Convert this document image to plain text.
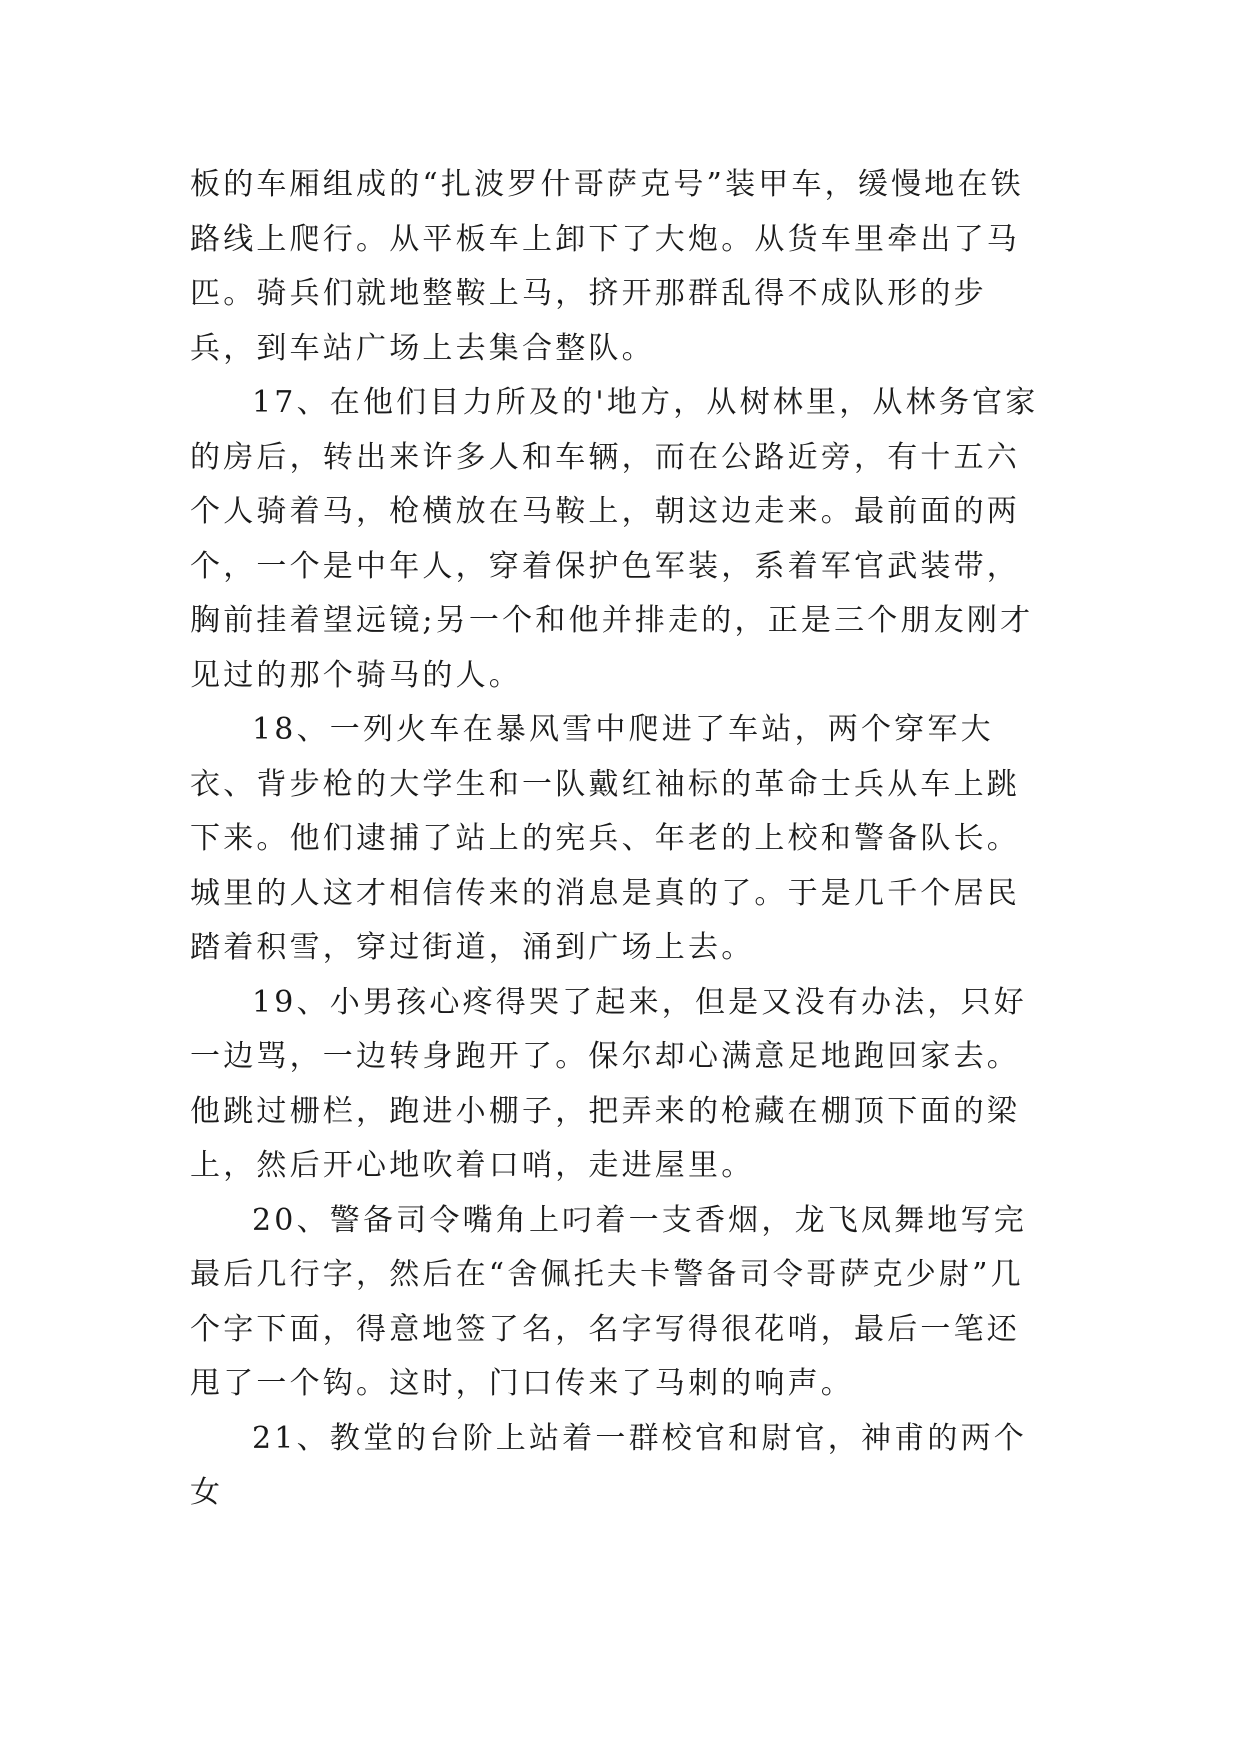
板的车厢组成的“扎波罗什哥萨克号”装甲车，缓慢地在铁路线上爬行。从平板车上卸下了大炮。从货车里牵出了马匹。骑兵们就地整鞍上马，挤开那群乱得不成队形的步兵，到车站广场上去集合整队。

17、在他们目力所及的'地方，从树林里，从林务官家的房后，转出来许多人和车辆，而在公路近旁，有十五六个人骑着马，枪横放在马鞍上，朝这边走来。最前面的两个，一个是中年人，穿着保护色军装，系着军官武装带，胸前挂着望远镜;另一个和他并排走的，正是三个朋友刚才见过的那个骑马的人。

18、一列火车在暴风雪中爬进了车站，两个穿军大衣、背步枪的大学生和一队戴红袖标的革命士兵从车上跳下来。他们逮捕了站上的宪兵、年老的上校和警备队长。城里的人这才相信传来的消息是真的了。于是几千个居民踏着积雪，穿过街道，涌到广场上去。

19、小男孩心疼得哭了起来，但是又没有办法，只好一边骂，一边转身跑开了。保尔却心满意足地跑回家去。他跳过栅栏，跑进小棚子，把弄来的枪藏在棚顶下面的梁上，然后开心地吹着口哨，走进屋里。

20、警备司令嘴角上叼着一支香烟，龙飞凤舞地写完最后几行字，然后在“舍佩托夫卡警备司令哥萨克少尉”几个字下面，得意地签了名，名字写得很花哨，最后一笔还甩了一个钩。这时，门口传来了马刺的响声。

21、教堂的台阶上站着一群校官和尉官，神甫的两个女
